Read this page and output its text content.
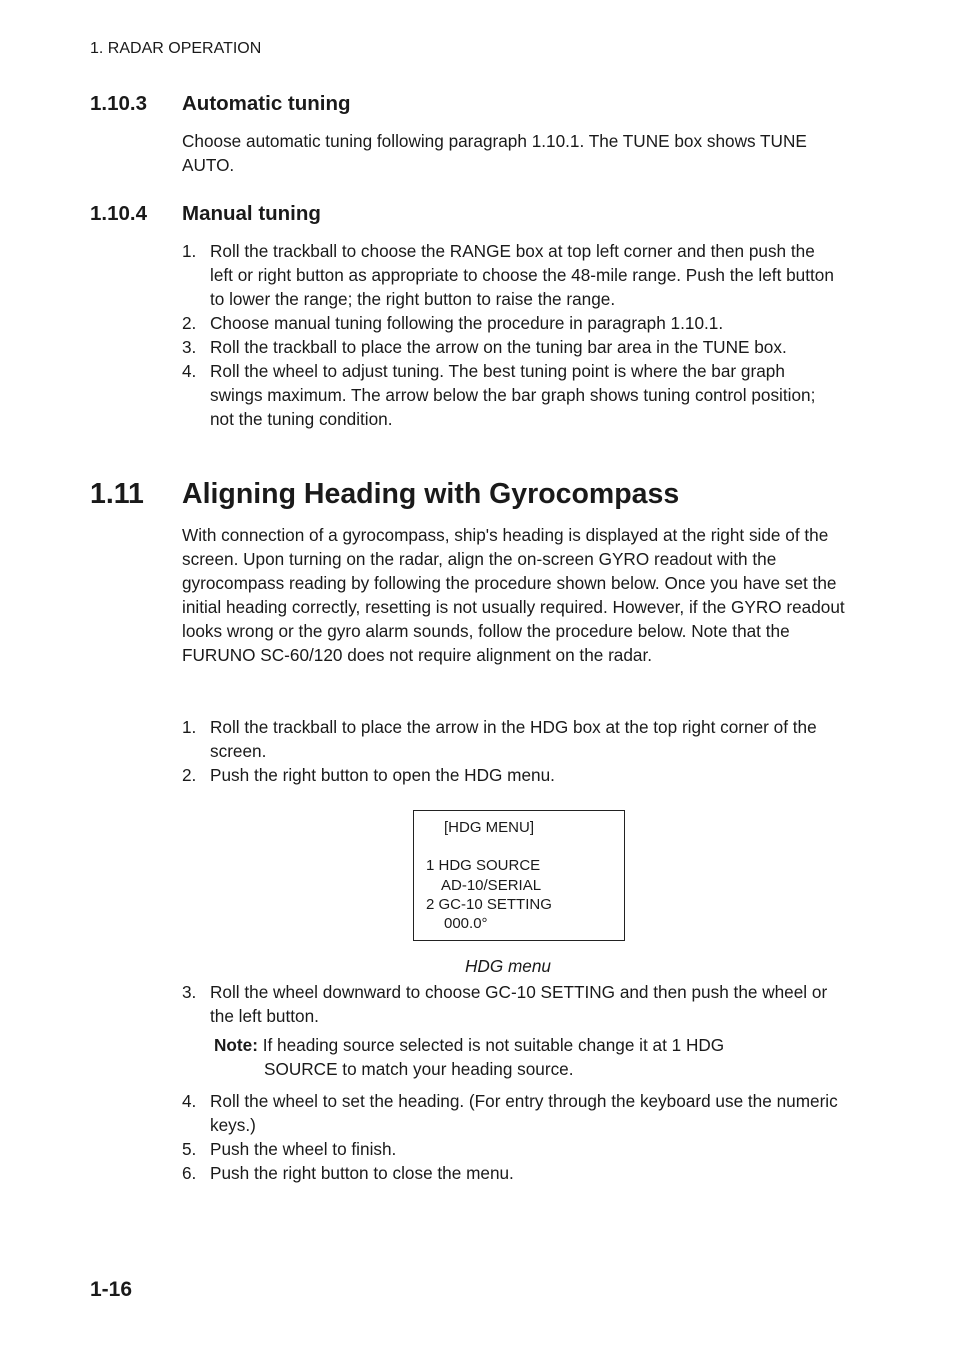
1. RADAR OPERATION
1.10.3 Automatic tuning

Choose automatic tuning following paragraph 1.10.1. The TUNE box shows TUNE AUTO.

1.10.4 Manual tuning
1. Roll the trackball to choose the RANGE box at top left corner and then push the left or right button as appropriate to choose the 48-mile range. Push the left button to lower the range; the right button to raise the range.
2. Choose manual tuning following the procedure in paragraph 1.10.1.
3. Roll the trackball to place the arrow on the tuning bar area in the TUNE box.
4. Roll the wheel to adjust tuning. The best tuning point is where the bar graph swings maximum. The arrow below the bar graph shows tuning control position; not the tuning condition.
1.11 Aligning Heading with Gyrocompass

With connection of a gyrocompass, ship's heading is displayed at the right side of the screen. Upon turning on the radar, align the on-screen GYRO readout with the gyrocompass reading by following the procedure shown below. Once you have set the initial heading correctly, resetting is not usually required. However, if the GYRO readout looks wrong or the gyro alarm sounds, follow the procedure below. Note that the FURUNO SC-60/120 does not require alignment on the radar.

1. Roll the trackball to place the arrow in the HDG box at the top right corner of the screen.
2. Push the right button to open the HDG menu.
[HDG MENU]
1 HDG SOURCE
AD-10/SERIAL
2 GC-10 SETTING
000.0°
HDG menu
3. Roll the wheel downward to choose GC-10 SETTING and then push the wheel or the left button.
Note: If heading source selected is not suitable change it at 1 HDG
SOURCE to match your heading source.
4. Roll the wheel to set the heading. (For entry through the keyboard use the numeric keys.)
5. Push the wheel to finish.
6. Push the right button to close the menu.
1-16
